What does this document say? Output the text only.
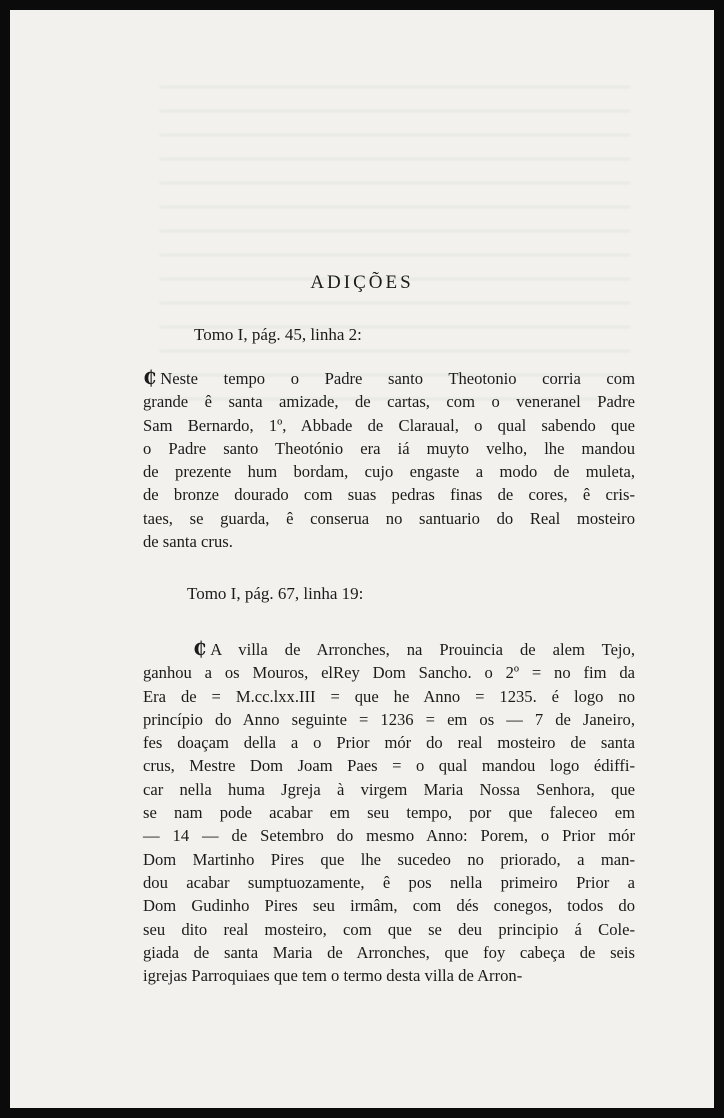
ADIÇÕES
Tomo I, pág. 45, linha 2:
₵ Neste tempo o Padre santo Theotonio corria com
grande ê santa amizade, de cartas, com o veneranel Padre
Sam Bernardo, 1º, Abbade de Claraual, o qual sabendo que
o Padre santo Theotónio era iá muyto velho, lhe mandou
de prezente hum bordam, cujo engaste a modo de muleta,
de bronze dourado com suas pedras finas de cores, ê cris-
taes, se guarda, ê conserua no santuario do Real mosteiro
de santa crus.
Tomo I, pág. 67, linha 19:
₵ A villa de Arronches, na Prouincia de alem Tejo,
ganhou a os Mouros, elRey Dom Sancho. o 2º = no fim da
Era de = M.cc.lxx.III = que he Anno = 1235. é logo no
princípio do Anno seguinte = 1236 = em os — 7 de Janeiro,
fes doaçam della a o Prior mór do real mosteiro de santa
crus, Mestre Dom Joam Paes = o qual mandou logo édiffi-
car nella huma Jgreja à virgem Maria Nossa Senhora, que
se nam pode acabar em seu tempo, por que faleceo em
— 14 — de Setembro do mesmo Anno: Porem, o Prior mór
Dom Martinho Pires que lhe sucedeo no priorado, a man-
dou acabar sumptuozamente, ê pos nella primeiro Prior a
Dom Gudinho Pires seu irmâm, com dés conegos, todos do
seu dito real mosteiro, com que se deu principio á Cole-
giada de santa Maria de Arronches, que foy cabeça de seis
igrejas Parroquiaes que tem o termo desta villa de Arron-
